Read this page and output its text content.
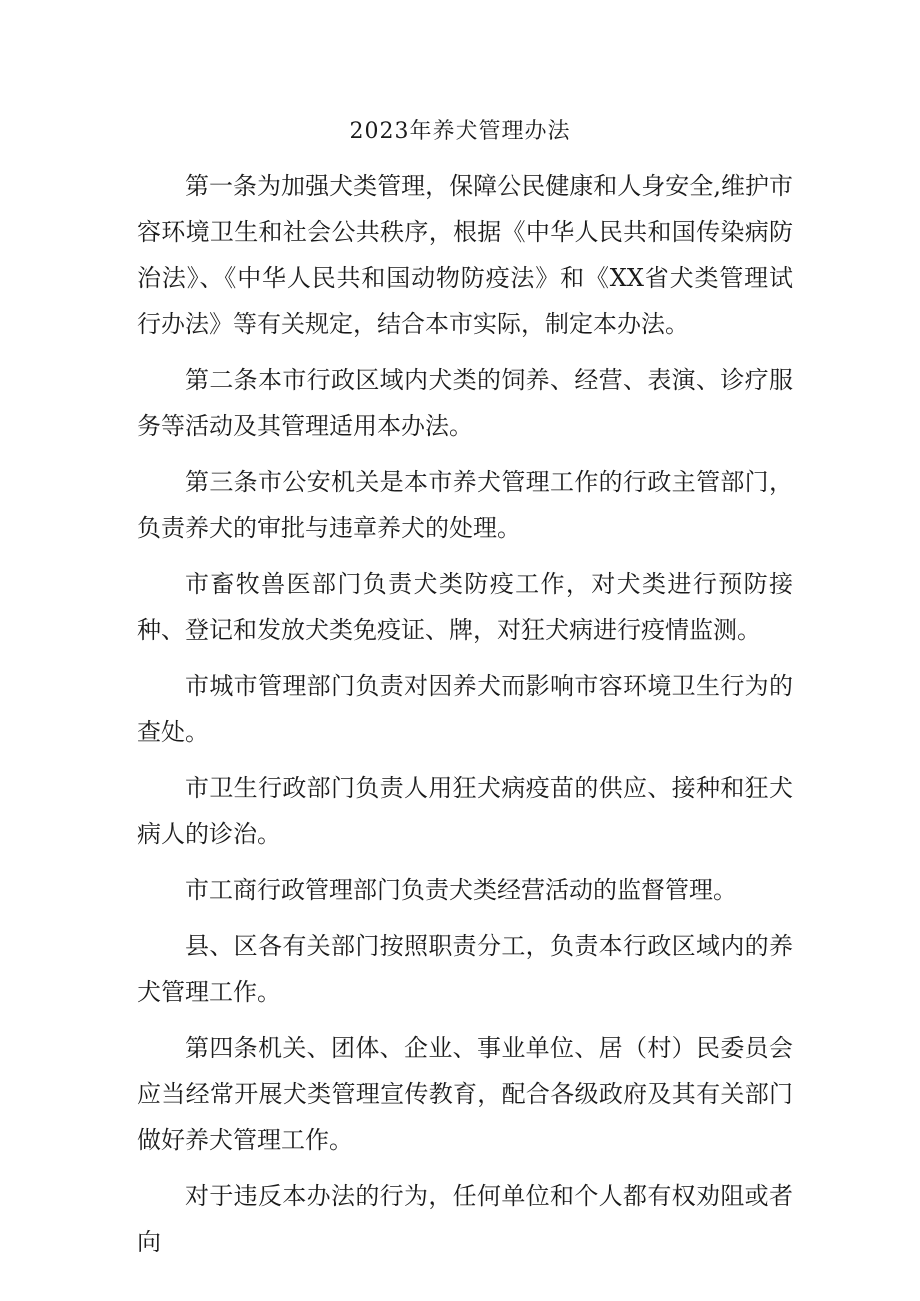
2023年养犬管理办法

第一条为加强犬类管理，保障公民健康和人身安全,维护市容环境卫生和社会公共秩序，根据《中华人民共和国传染病防治法》、《中华人民共和国动物防疫法》和《XX省犬类管理试行办法》等有关规定，结合本市实际，制定本办法。

第二条本市行政区域内犬类的饲养、经营、表演、诊疗服务等活动及其管理适用本办法。

第三条市公安机关是本市养犬管理工作的行政主管部门，负责养犬的审批与违章养犬的处理。

市畜牧兽医部门负责犬类防疫工作，对犬类进行预防接种、登记和发放犬类免疫证、牌，对狂犬病进行疫情监测。

市城市管理部门负责对因养犬而影响市容环境卫生行为的查处。

市卫生行政部门负责人用狂犬病疫苗的供应、接种和狂犬病人的诊治。

市工商行政管理部门负责犬类经营活动的监督管理。

县、区各有关部门按照职责分工，负责本行政区域内的养犬管理工作。

第四条机关、团体、企业、事业单位、居（村）民委员会应当经常开展犬类管理宣传教育，配合各级政府及其有关部门做好养犬管理工作。

对于违反本办法的行为，任何单位和个人都有权劝阻或者向
